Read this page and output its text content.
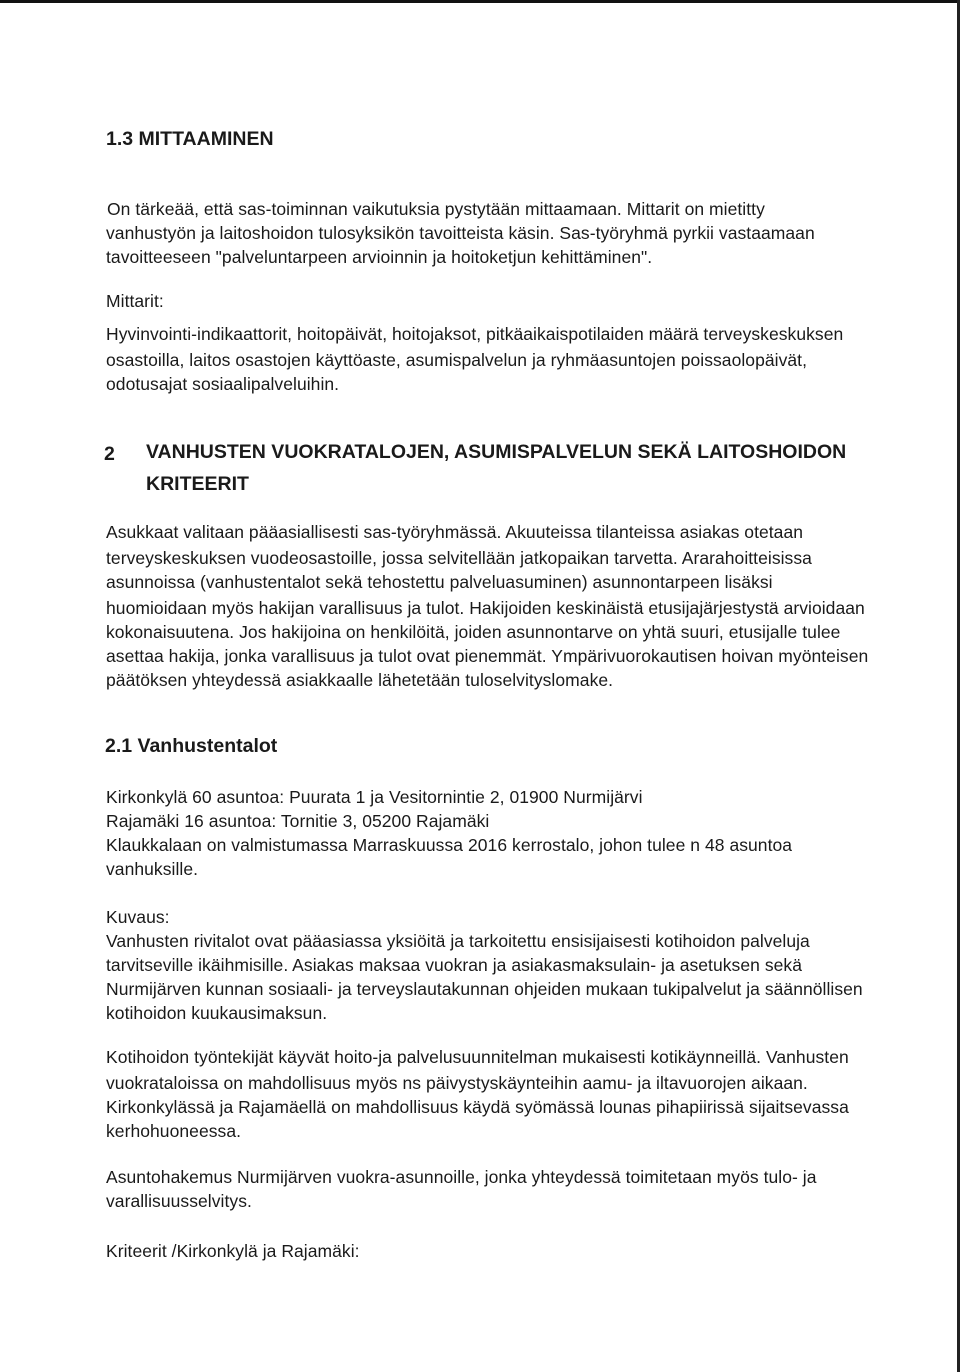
1.3 MITTAAMINEN
On tärkeää, että sas-toiminnan vaikutuksia pystytään mittaamaan. Mittarit on mietitty
vanhustyön ja laitoshoidon tulosyksikön tavoitteista käsin. Sas-työryhmä pyrkii vastaamaan
tavoitteeseen "palveluntarpeen arvioinnin ja hoitoketjun kehittäminen".
Mittarit:
Hyvinvointi-indikaattorit, hoitopäivät, hoitojaksot, pitkäaikaispotilaiden määrä terveyskeskuksen
osastoilla, laitos osastojen käyttöaste, asumispalvelun ja ryhmäasuntojen poissaolopäivät,
odotusajat sosiaalipalveluihin.
2 VANHUSTEN VUOKRATALOJEN, ASUMISPALVELUN SEKÄ LAITOSHOIDON
KRITEERIT
Asukkaat valitaan pääasiallisesti sas-työryhmässä. Akuuteissa tilanteissa asiakas otetaan
terveyskeskuksen vuodeosastoille, jossa selvitellään jatkopaikan tarvetta. Ararahoitteisissa
asunnoissa (vanhustentalot sekä tehostettu palveluasuminen) asunnontarpeen lisäksi
huomioidaan myös hakijan varallisuus ja tulot. Hakijoiden keskinäistä etusijajärjestystä arvioidaan
kokonaisuutena. Jos hakijoina on henkilöitä, joiden asunnontarve on yhtä suuri, etusijalle tulee
asettaa hakija, jonka varallisuus ja tulot ovat pienemmät. Ympärivuorokautisen hoivan myönteisen
päätöksen yhteydessä asiakkaalle lähetetään tuloselvityslomake.
2.1 Vanhustentalot
Kirkonkylä 60 asuntoa: Puurata 1 ja Vesitornintie 2, 01900 Nurmijärvi
Rajamäki 16 asuntoa: Tornitie 3, 05200 Rajamäki
Klaukkalaan on valmistumassa Marraskuussa 2016 kerrostalo, johon tulee n 48 asuntoa
vanhuksille.
Kuvaus:
Vanhusten rivitalot ovat pääasiassa yksiöitä ja tarkoitettu ensisijaisesti kotihoidon palveluja
tarvitseville ikäihmisille. Asiakas maksaa vuokran ja asiakasmaksulain- ja asetuksen sekä
Nurmijärven kunnan sosiaali- ja terveyslautakunnan ohjeiden mukaan tukipalvelut ja säännöllisen
kotihoidon kuukausimaksun.
Kotihoidon työntekijät käyvät hoito-ja palvelusuunnitelman mukaisesti kotikäynneillä. Vanhusten
vuokrataloissa on mahdollisuus myös ns päivystyskäynteihin aamu- ja iltavuorojen aikaan.
Kirkonkylässä ja Rajamäellä on mahdollisuus käydä syömässä lounas pihapiirissä sijaitsevassa
kerhohuoneessa.
Asuntohakemus Nurmijärven vuokra-asunnoille, jonka yhteydessä toimitetaan myös tulo- ja
varallisuusselvitys.
Kriteerit /Kirkonkylä ja Rajamäki:
